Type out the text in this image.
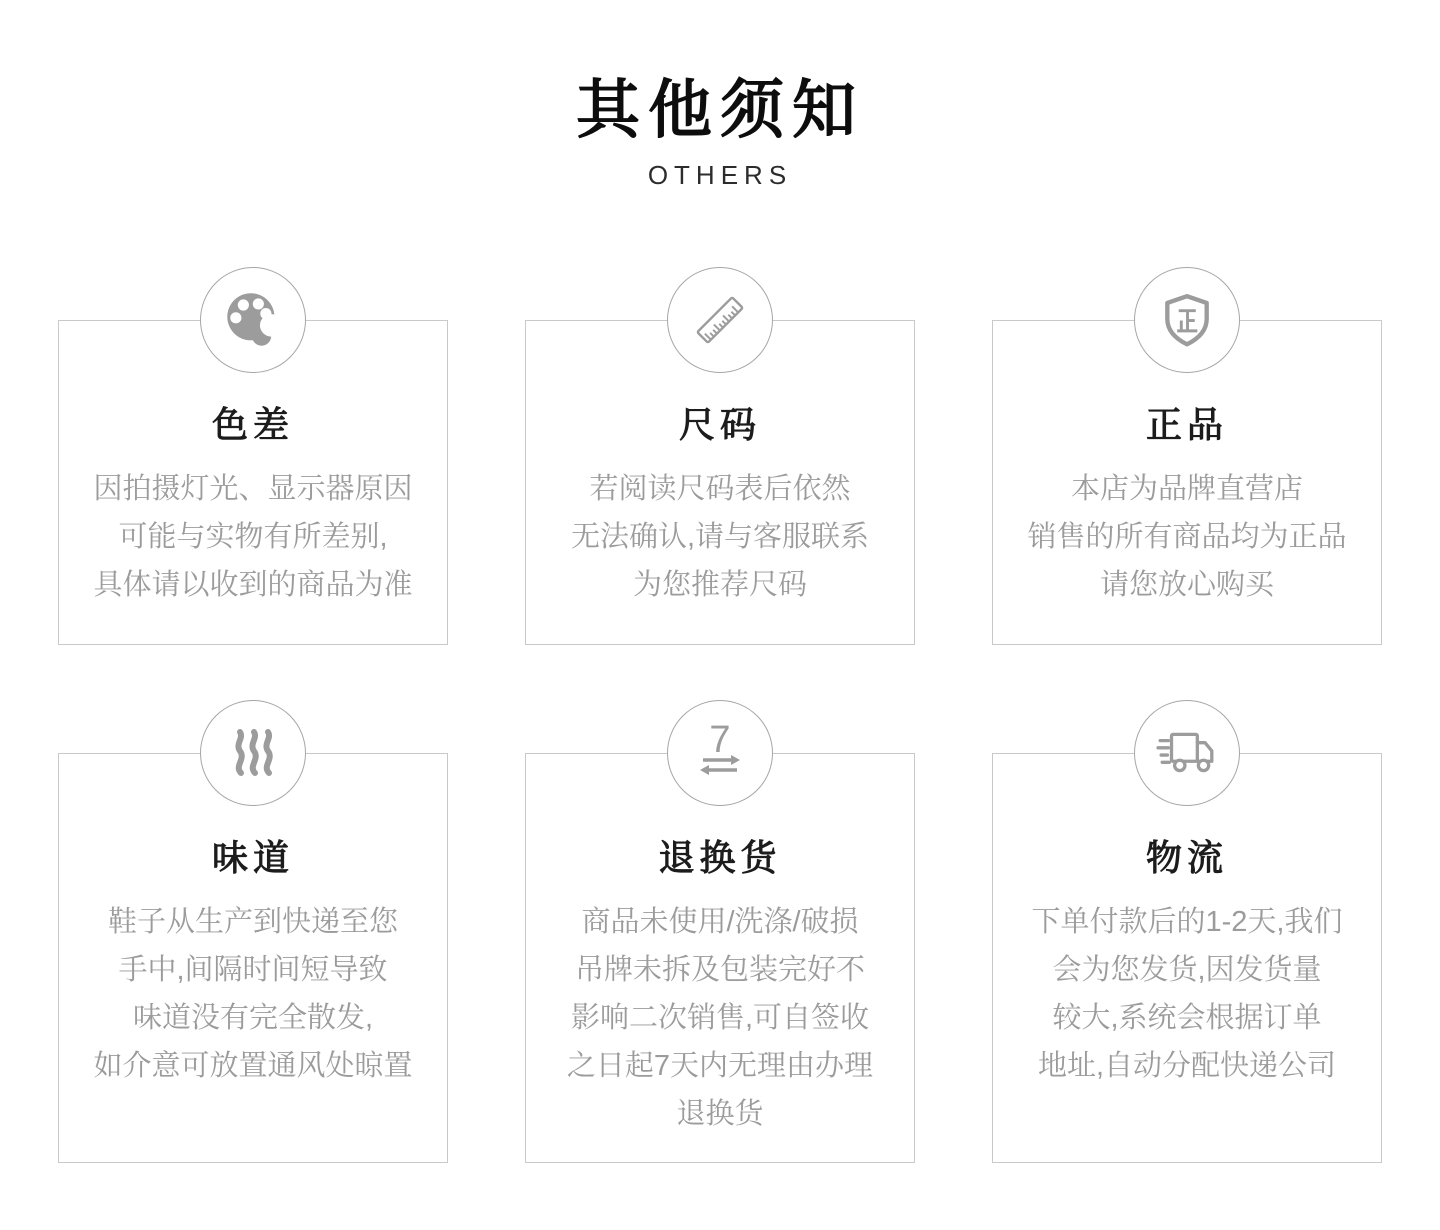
其他须知
OTHERS
色差
因拍摄灯光、显示器原因
可能与实物有所差别,
具体请以收到的商品为准
尺码
若阅读尺码表后依然
无法确认,请与客服联系
为您推荐尺码
正品
本店为品牌直营店
销售的所有商品均为正品
请您放心购买
味道
鞋子从生产到快递至您
手中,间隔时间短导致
味道没有完全散发,
如介意可放置通风处晾置
7
退换货
商品未使用/洗涤/破损
吊牌未拆及包装完好不
影响二次销售,可自签收
之日起7天内无理由办理
退换货
物流
下单付款后的1-2天,我们
会为您发货,因发货量
较大,系统会根据订单
地址,自动分配快递公司
